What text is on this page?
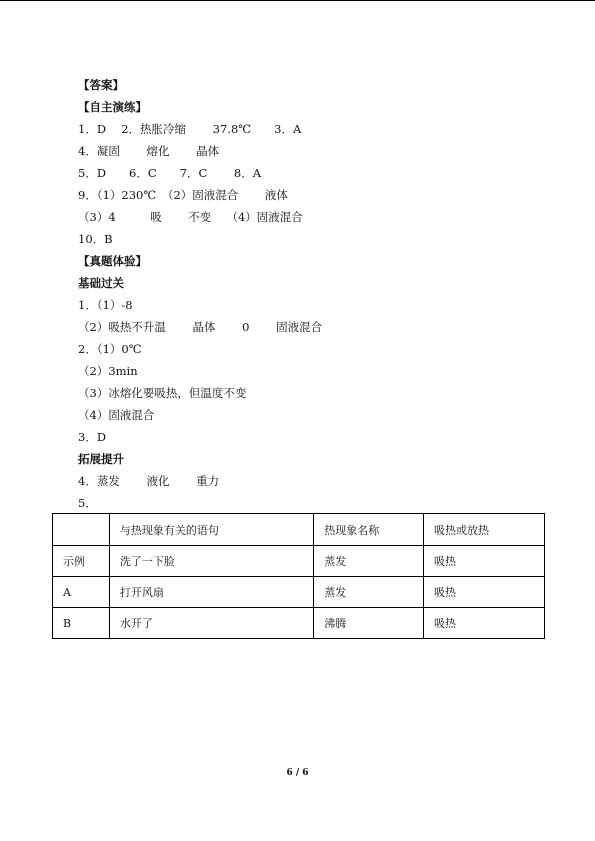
【答案】
【自主演练】
1．D　 2．热胀冷缩　　 37.8℃　　3．A
4．凝固　　 熔化　　 晶体
5．D　　6．C　　7．C　　 8．A
9．（1）230℃　（2）固液混合　　 液体
（3）4　　　吸　　 不变　 （4）固液混合
10．B
【真题体验】
基础过关
1．（1）-8
（2）吸热不升温　　 晶体　　 0　　 固液混合
2．（1）0℃
（2）3min
（3）冰熔化要吸热，但温度不变
（4）固液混合
3．D
拓展提升
4．蒸发　　 液化　　 重力
5．
	与热现象有关的语句	热现象名称	吸热或放热
示例	洗了一下脸	蒸发	吸热
A	打开风扇	蒸发	吸热
B	水开了	沸腾	吸热
6 / 6
